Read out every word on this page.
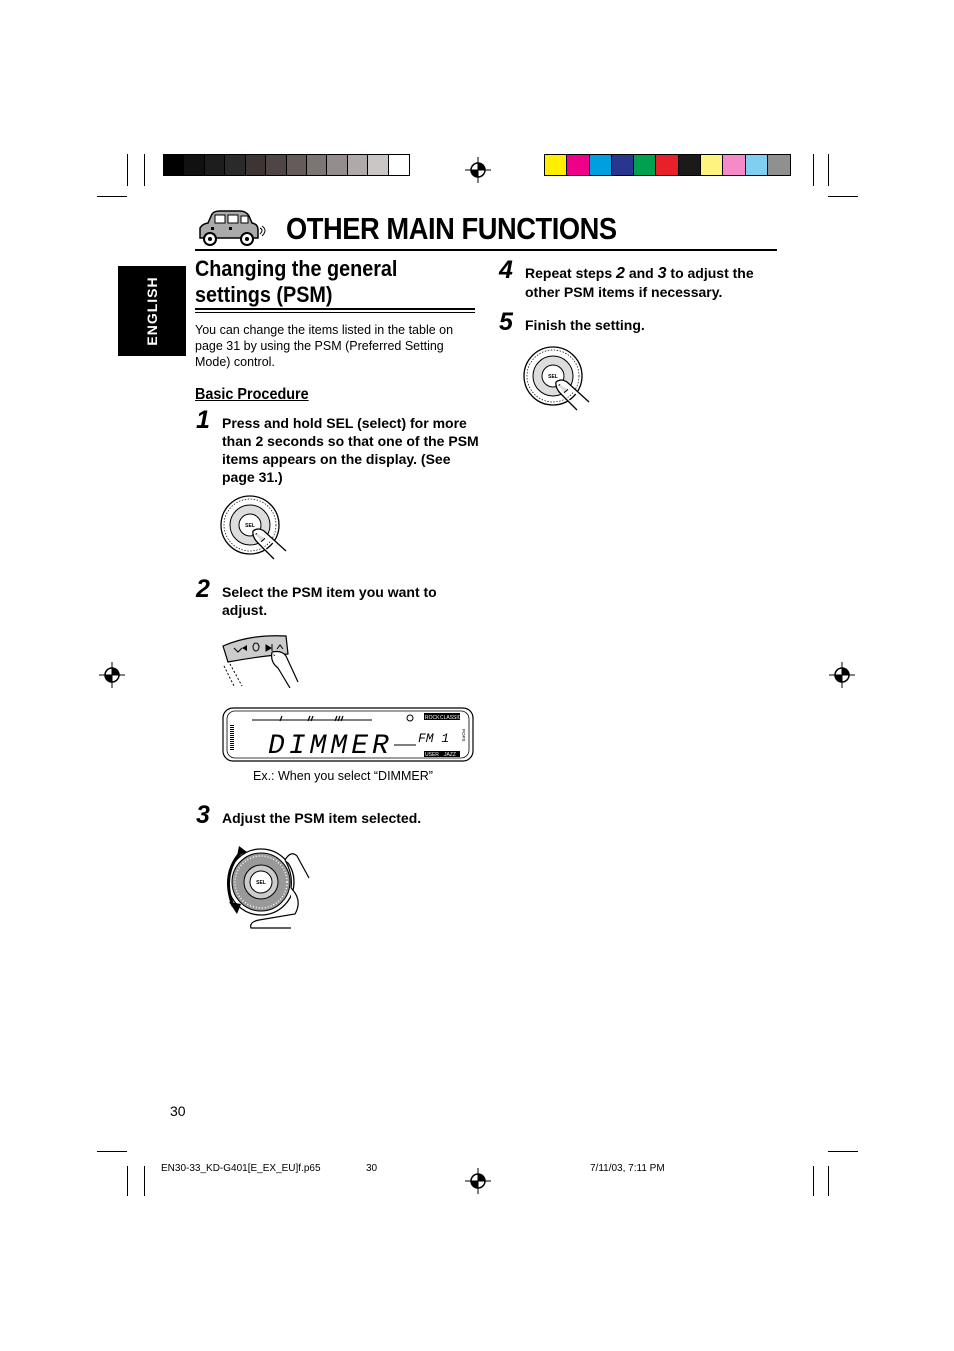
OTHER MAIN FUNCTIONS
ENGLISH
Changing the general settings (PSM)
You can change the items listed in the table on page 31 by using the PSM (Preferred Setting Mode) control.
Basic Procedure
1 Press and hold SEL (select) for more than 2 seconds so that one of the PSM items appears on the display. (See page 31.)
SEL
2 Select the PSM item you want to adjust.
DIMMER FM 1
ROCK CLASSIC
POPS
USER JAZZ
Ex.: When you select “DIMMER”
3 Adjust the PSM item selected.
SEL
4 Repeat steps 2 and 3 to adjust the other PSM items if necessary.
5 Finish the setting.
SEL
30
EN30-33_KD-G401[E_EX_EU]f.p65	30	7/11/03, 7:11 PM
